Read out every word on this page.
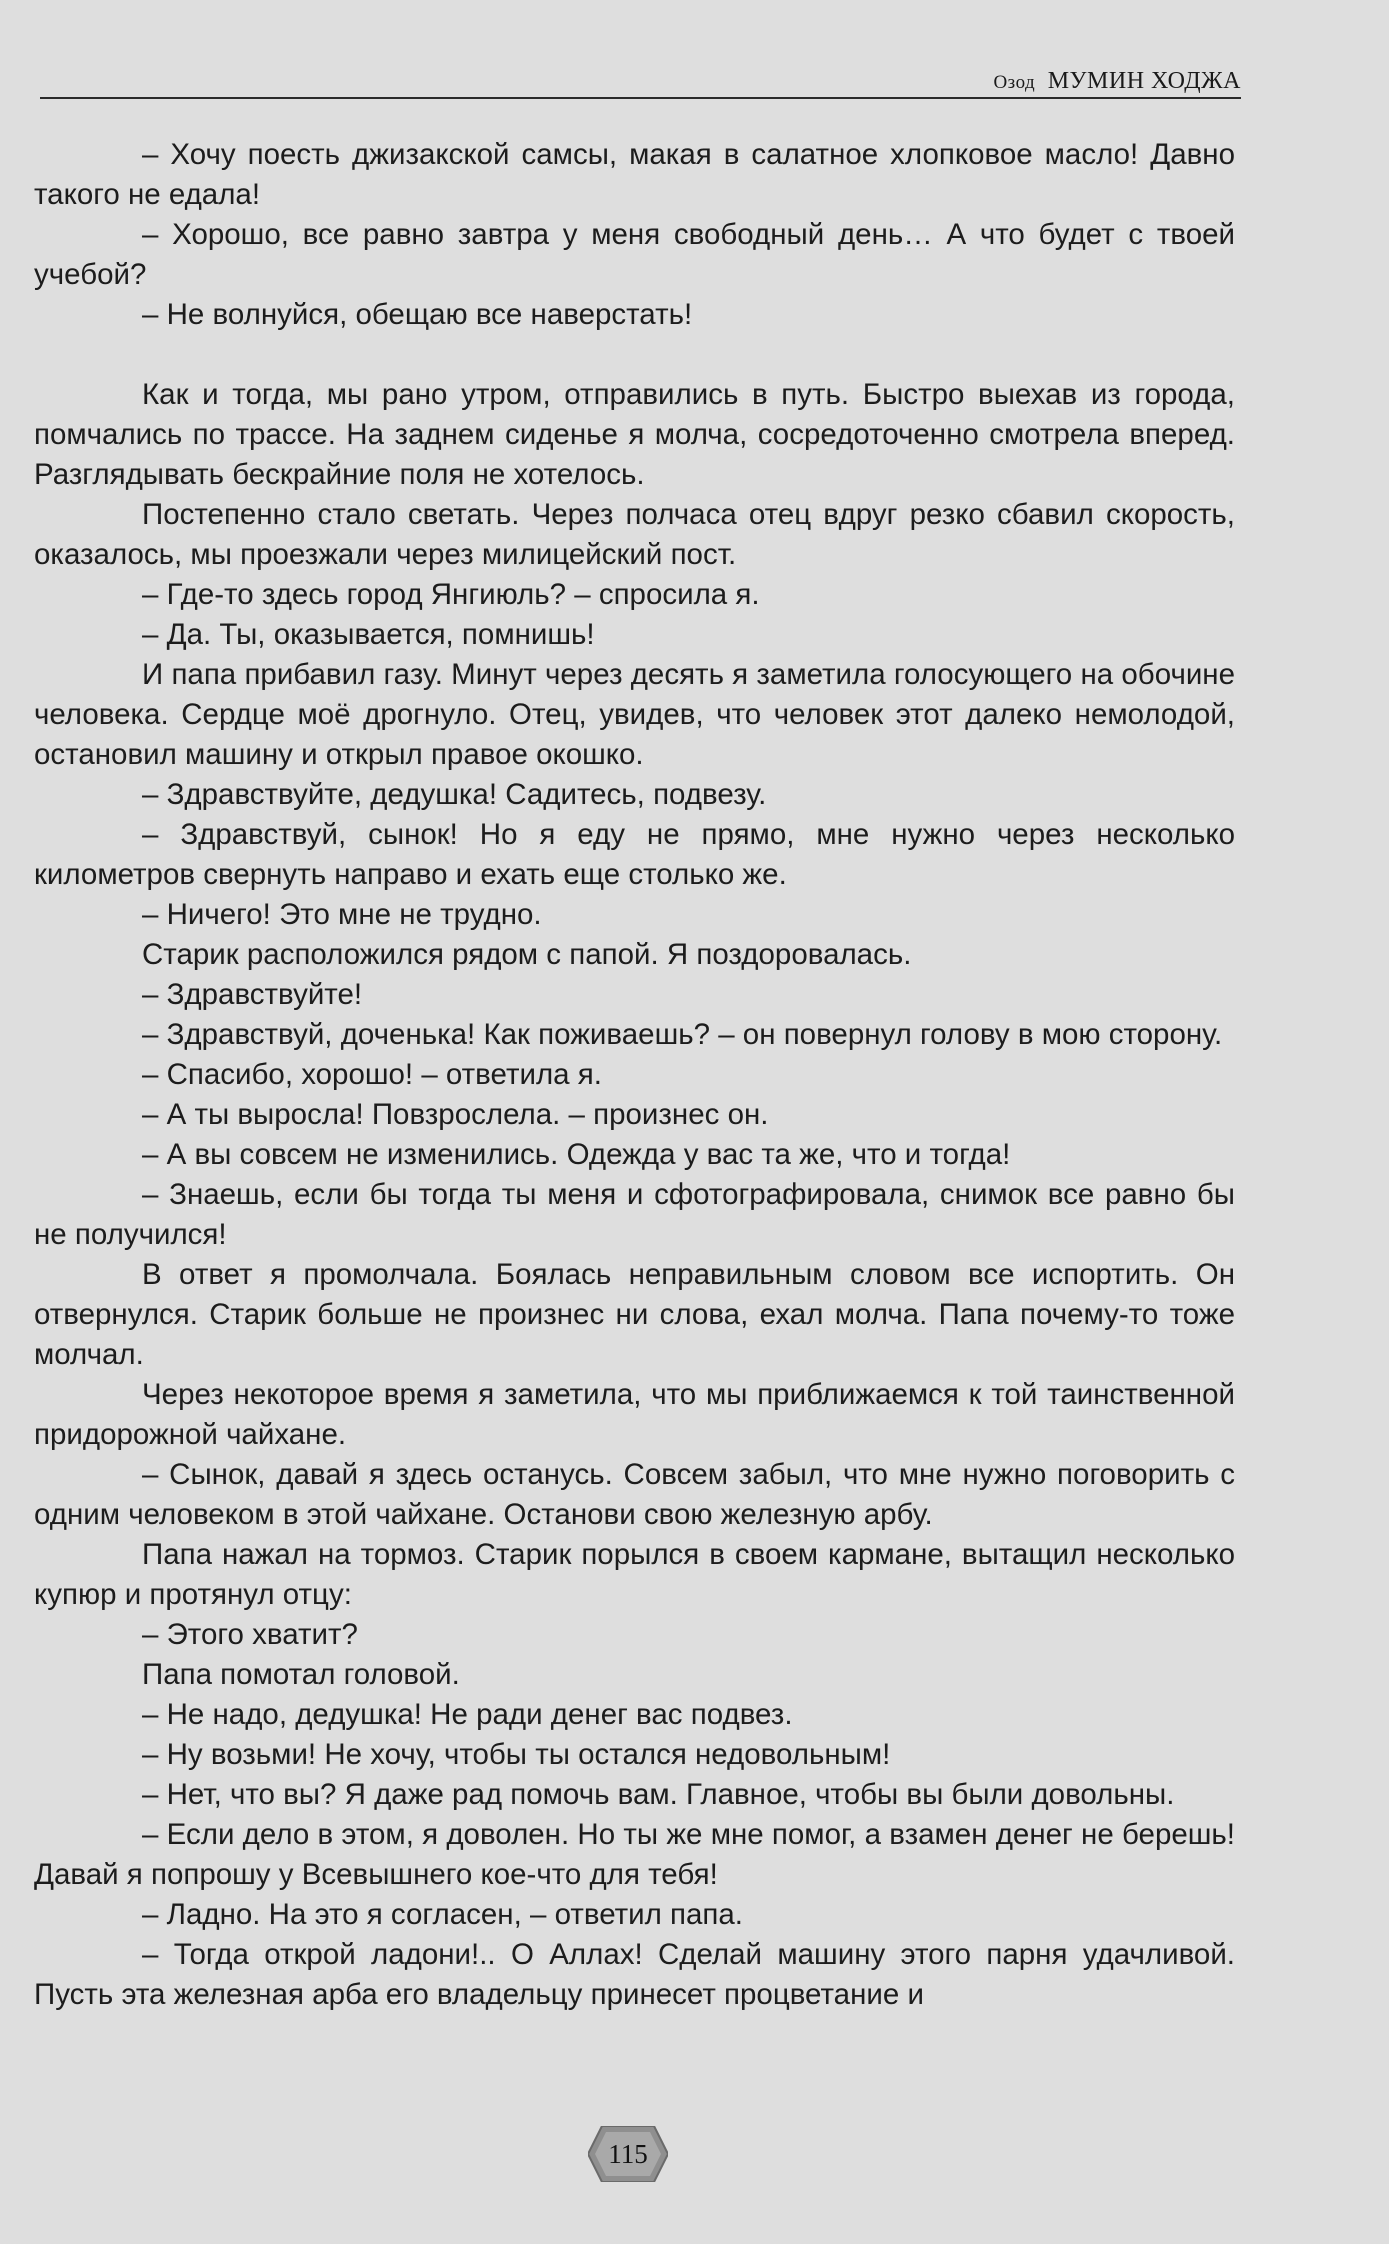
Озод МУМИН ХОДЖА

– Хочу поесть джизакской самсы, макая в салатное хлопковое масло! Давно такого не едала!

– Хорошо, все равно завтра у меня свободный день… А что будет с твоей учебой?

– Не волнуйся, обещаю все наверстать!

Как и тогда, мы рано утром, отправились в путь. Быстро выехав из города, помчались по трассе. На заднем сиденье я молча, сосредоточенно смотрела вперед. Разглядывать бескрайние поля не хотелось.

Постепенно стало светать. Через полчаса отец вдруг резко сбавил скорость, оказалось, мы проезжали через милицейский пост.

– Где-то здесь город Янгиюль? – спросила я.

– Да. Ты, оказывается, помнишь!

И папа прибавил газу. Минут через десять я заметила голосующего на обочине человека. Сердце моё дрогнуло. Отец, увидев, что человек этот далеко немолодой, остановил машину и открыл правое окошко.

– Здравствуйте, дедушка! Садитесь, подвезу.

– Здравствуй, сынок! Но я еду не прямо, мне нужно через несколько километров свернуть направо и ехать еще столько же.

– Ничего! Это мне не трудно.

Старик расположился рядом с папой. Я поздоровалась.

– Здравствуйте!

– Здравствуй, доченька! Как поживаешь? – он повернул голову в мою сторону.

– Спасибо, хорошо! – ответила я.

– А ты выросла! Повзрослела. – произнес он.

– А вы совсем не изменились. Одежда у вас та же, что и тогда!

– Знаешь, если бы тогда ты меня и сфотографировала, снимок все равно бы не получился!

В ответ я промолчала. Боялась неправильным словом все испортить. Он отвернулся. Старик больше не произнес ни слова, ехал молча. Папа почему-то тоже молчал.

Через некоторое время я заметила, что мы приближаемся к той таинственной придорожной чайхане.

– Сынок, давай я здесь останусь. Совсем забыл, что мне нужно поговорить с одним человеком в этой чайхане. Останови свою железную арбу.

Папа нажал на тормоз. Старик порылся в своем кармане, вытащил несколько купюр и протянул отцу:

– Этого хватит?

Папа помотал головой.

– Не надо, дедушка! Не ради денег вас подвез.

– Ну возьми! Не хочу, чтобы ты остался недовольным!

– Нет, что вы? Я даже рад помочь вам. Главное, чтобы вы были довольны.

– Если дело в этом, я доволен. Но ты же мне помог, а взамен денег не берешь! Давай я попрошу у Всевышнего кое-что для тебя!

– Ладно. На это я согласен, – ответил папа.

– Тогда открой ладони!.. О Аллах! Сделай машину этого парня удачливой. Пусть эта железная арба его владельцу принесет процветание и

115
